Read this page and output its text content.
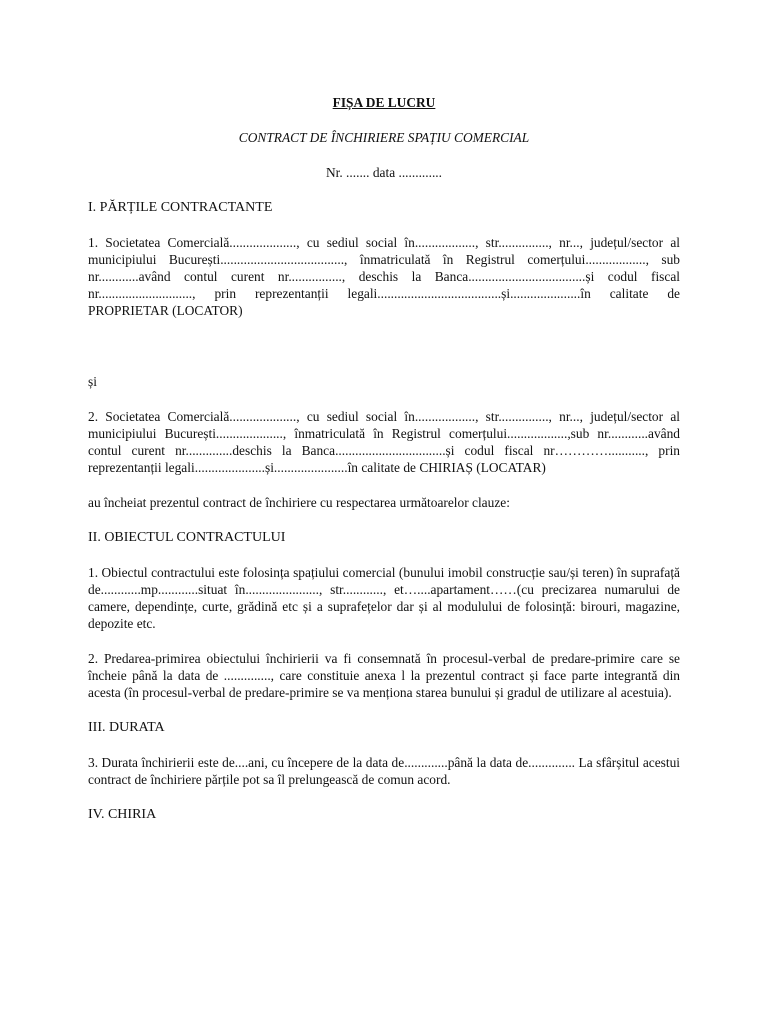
FIȘA DE LUCRU
CONTRACT DE ÎNCHIRIERE SPAȚIU COMERCIAL
Nr. ....... data .............
I. PĂRȚILE CONTRACTANTE

1. Societatea Comercială...................., cu sediul social în.................., str..............., nr..., județul/sector al municipiului București....................................., înmatriculată în Registrul comerțului.................., sub nr............având contul curent nr................, deschis la Banca...................................și codul fiscal nr............................, prin reprezentanții legali.....................................și.....................în calitate de PROPRIETAR (LOCATOR)

și

2. Societatea Comercială...................., cu sediul social în.................., str..............., nr..., județul/sector al municipiului București...................., înmatriculată în Registrul comerțului..................,sub nr............având contul curent nr..............deschis la Banca.................................și codul fiscal nr…………..........., prin reprezentanții legali.....................și......................în calitate de CHIRIAȘ (LOCATAR)

au încheiat prezentul contract de închiriere cu respectarea următoarelor clauze:

II. OBIECTUL CONTRACTULUI

1. Obiectul contractului este folosința spațiului comercial (bunului imobil construcție sau/și teren) în suprafață de............mp............situat în......................, str............, et…....apartament……(cu precizarea numarului de camere, dependințe, curte, grădină etc și a suprafețelor dar și al modulului de folosință: birouri, magazine, depozite etc.

2. Predarea-primirea obiectului închirierii va fi consemnată în procesul-verbal de predare-primire care se încheie până la data de .............., care constituie anexa l la prezentul contract și face parte integrantă din acesta (în procesul-verbal de predare-primire se va menționa starea bunului și gradul de utilizare al acestuia).

III. DURATA

3. Durata închirierii este de....ani, cu începere de la data de.............până la data de.............. La sfârșitul acestui contract de închiriere părțile pot sa îl prelungească de comun acord.

IV. CHIRIA
